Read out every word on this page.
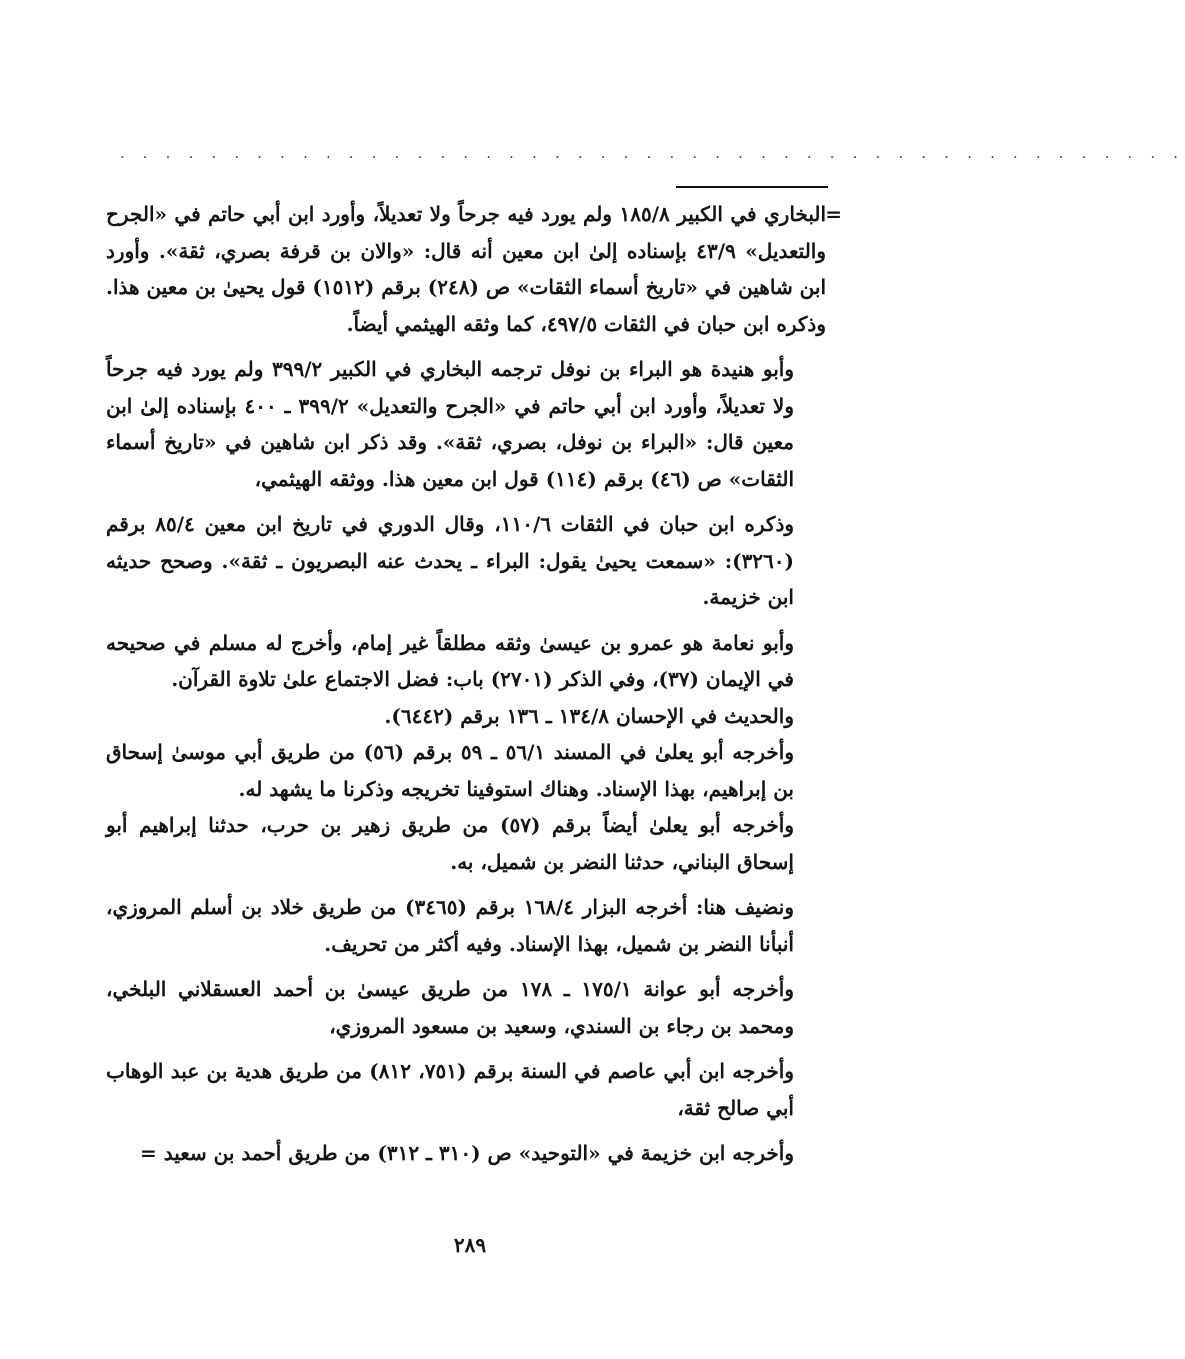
. . . . . . . . . . . . . . . . . . . . . . . . . . . . . . . . . . . . . . . . . . . . . . .

=
البخاري في الكبير ١٨٥/٨ ولم يورد فيه جرحاً ولا تعديلاً، وأورد ابن أبي حاتم في «الجرح والتعديل» ٤٣/٩ بإسناده إلىٰ ابن معين أنه قال: «والان بن قرفة بصري، ثقة». وأورد ابن شاهين في «تاريخ أسماء الثقات» ص (٢٤٨) برقم (١٥١٢) قول يحيىٰ بن معين هذا. وذكره ابن حبان في الثقات ٤٩٧/٥، كما وثقه الهيثمي أيضاً.

وأبو هنيدة هو البراء بن نوفل ترجمه البخاري في الكبير ٣٩٩/٢ ولم يورد فيه جرحاً ولا تعديلاً، وأورد ابن أبي حاتم في «الجرح والتعديل» ٣٩٩/٢ ـ ٤٠٠ بإسناده إلىٰ ابن معين قال: «البراء بن نوفل، بصري، ثقة». وقد ذكر ابن شاهين في «تاريخ أسماء الثقات» ص (٤٦) برقم (١١٤) قول ابن معين هذا. ووثقه الهيثمي،

وذكره ابن حبان في الثقات ١١٠/٦، وقال الدوري في تاريخ ابن معين ٨٥/٤ برقم (٣٢٦٠): «سمعت يحيىٰ يقول: البراء ـ يحدث عنه البصريون ـ ثقة». وصحح حديثه ابن خزيمة.

وأبو نعامة هو عمرو بن عيسىٰ وثقه مطلقاً غير إمام، وأخرج له مسلم في صحيحه في الإيمان (٣٧)، وفي الذكر (٢٧٠١) باب: فضل الاجتماع علىٰ تلاوة القرآن.

والحديث في الإحسان ١٣٤/٨ ـ ١٣٦ برقم (٦٤٤٢).

وأخرجه أبو يعلىٰ في المسند ٥٦/١ ـ ٥٩ برقم (٥٦) من طريق أبي موسىٰ إسحاق بن إبراهيم، بهذا الإسناد. وهناك استوفينا تخريجه وذكرنا ما يشهد له.

وأخرجه أبو يعلىٰ أيضاً برقم (٥٧) من طريق زهير بن حرب، حدثنا إبراهيم أبو إسحاق البناني، حدثنا النضر بن شميل، به.

ونضيف هنا: أخرجه البزار ١٦٨/٤ برقم (٣٤٦٥) من طريق خلاد بن أسلم المروزي، أنبأنا النضر بن شميل، بهذا الإسناد. وفيه أكثر من تحريف.

وأخرجه أبو عوانة ١٧٥/١ ـ ١٧٨ من طريق عيسىٰ بن أحمد العسقلاني البلخي، ومحمد بن رجاء بن السندي، وسعيد بن مسعود المروزي،

وأخرجه ابن أبي عاصم في السنة برقم (٧٥١، ٨١٢) من طريق هدية بن عبد الوهاب أبي صالح ثقة،

وأخرجه ابن خزيمة في «التوحيد» ص (٣١٠ ـ ٣١٢) من طريق أحمد بن سعيد =

٢٨٩
